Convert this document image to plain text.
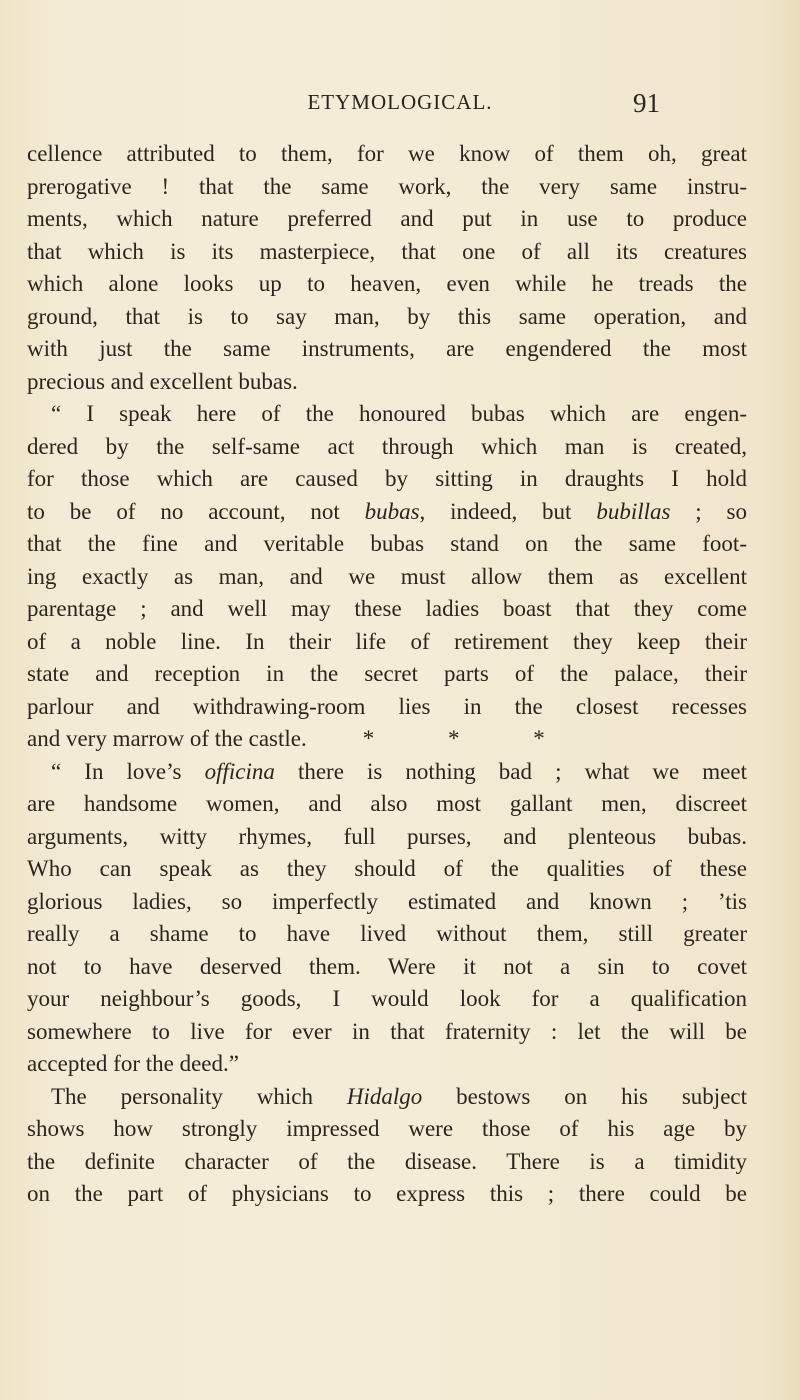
ETYMOLOGICAL.	91
cellence attributed to them, for we know of them oh, great
prerogative ! that the same work, the very same instru-
ments, which nature preferred and put in use to produce
that which is its masterpiece, that one of all its creatures
which alone looks up to heaven, even while he treads the
ground, that is to say man, by this same operation, and
with just the same instruments, are engendered the most
precious and excellent bubas.
“ I speak here of the honoured bubas which are engen-
dered by the self-same act through which man is created,
for those which are caused by sitting in draughts I hold
to be of no account, not bubas, indeed, but bubillas ; so
that the fine and veritable bubas stand on the same foot-
ing exactly as man, and we must allow them as excellent
parentage ; and well may these ladies boast that they come
of a noble line. In their life of retirement they keep their
state and reception in the secret parts of the palace, their
parlour and withdrawing-room lies in the closest recesses
and very marrow of the castle. * * *
“ In love’s officina there is nothing bad ; what we meet
are handsome women, and also most gallant men, discreet
arguments, witty rhymes, full purses, and plenteous bubas.
Who can speak as they should of the qualities of these
glorious ladies, so imperfectly estimated and known ; ’tis
really a shame to have lived without them, still greater
not to have deserved them. Were it not a sin to covet
your neighbour’s goods, I would look for a qualification
somewhere to live for ever in that fraternity : let the will be
accepted for the deed.”
The personality which Hidalgo bestows on his subject
shows how strongly impressed were those of his age by
the definite character of the disease. There is a timidity
on the part of physicians to express this ; there could be
